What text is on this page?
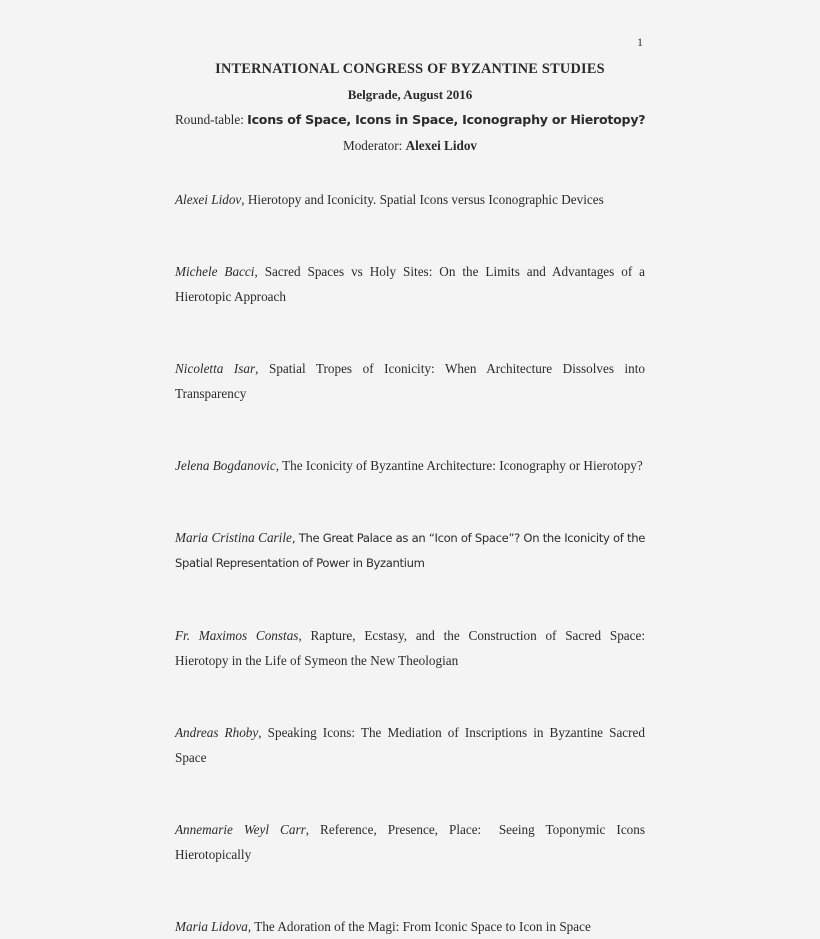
1
INTERNATIONAL CONGRESS OF BYZANTINE STUDIES
Belgrade, August 2016
Round-table: Icons of Space, Icons in Space, Iconography or Hierotopy?
Moderator: Alexei Lidov

Alexei Lidov, Hierotopy and Iconicity. Spatial Icons versus Iconographic Devices

Michele Bacci, Sacred Spaces vs Holy Sites: On the Limits and Advantages of a Hierotopic Approach

Nicoletta Isar, Spatial Tropes of Iconicity: When Architecture Dissolves into Transparency

Jelena Bogdanovic, The Iconicity of Byzantine Architecture: Iconography or Hierotopy?

Maria Cristina Carile, The Great Palace as an “Icon of Space”? On the Iconicity of the Spatial Representation of Power in Byzantium

Fr. Maximos Constas, Rapture, Ecstasy, and the Construction of Sacred Space: Hierotopy in the Life of Symeon the New Theologian

Andreas Rhoby, Speaking Icons: The Mediation of Inscriptions in Byzantine Sacred Space

Annemarie Weyl Carr, Reference, Presence, Place:  Seeing Toponymic Icons Hierotopically

Maria Lidova, The Adoration of the Magi: From Iconic Space to Icon in Space
